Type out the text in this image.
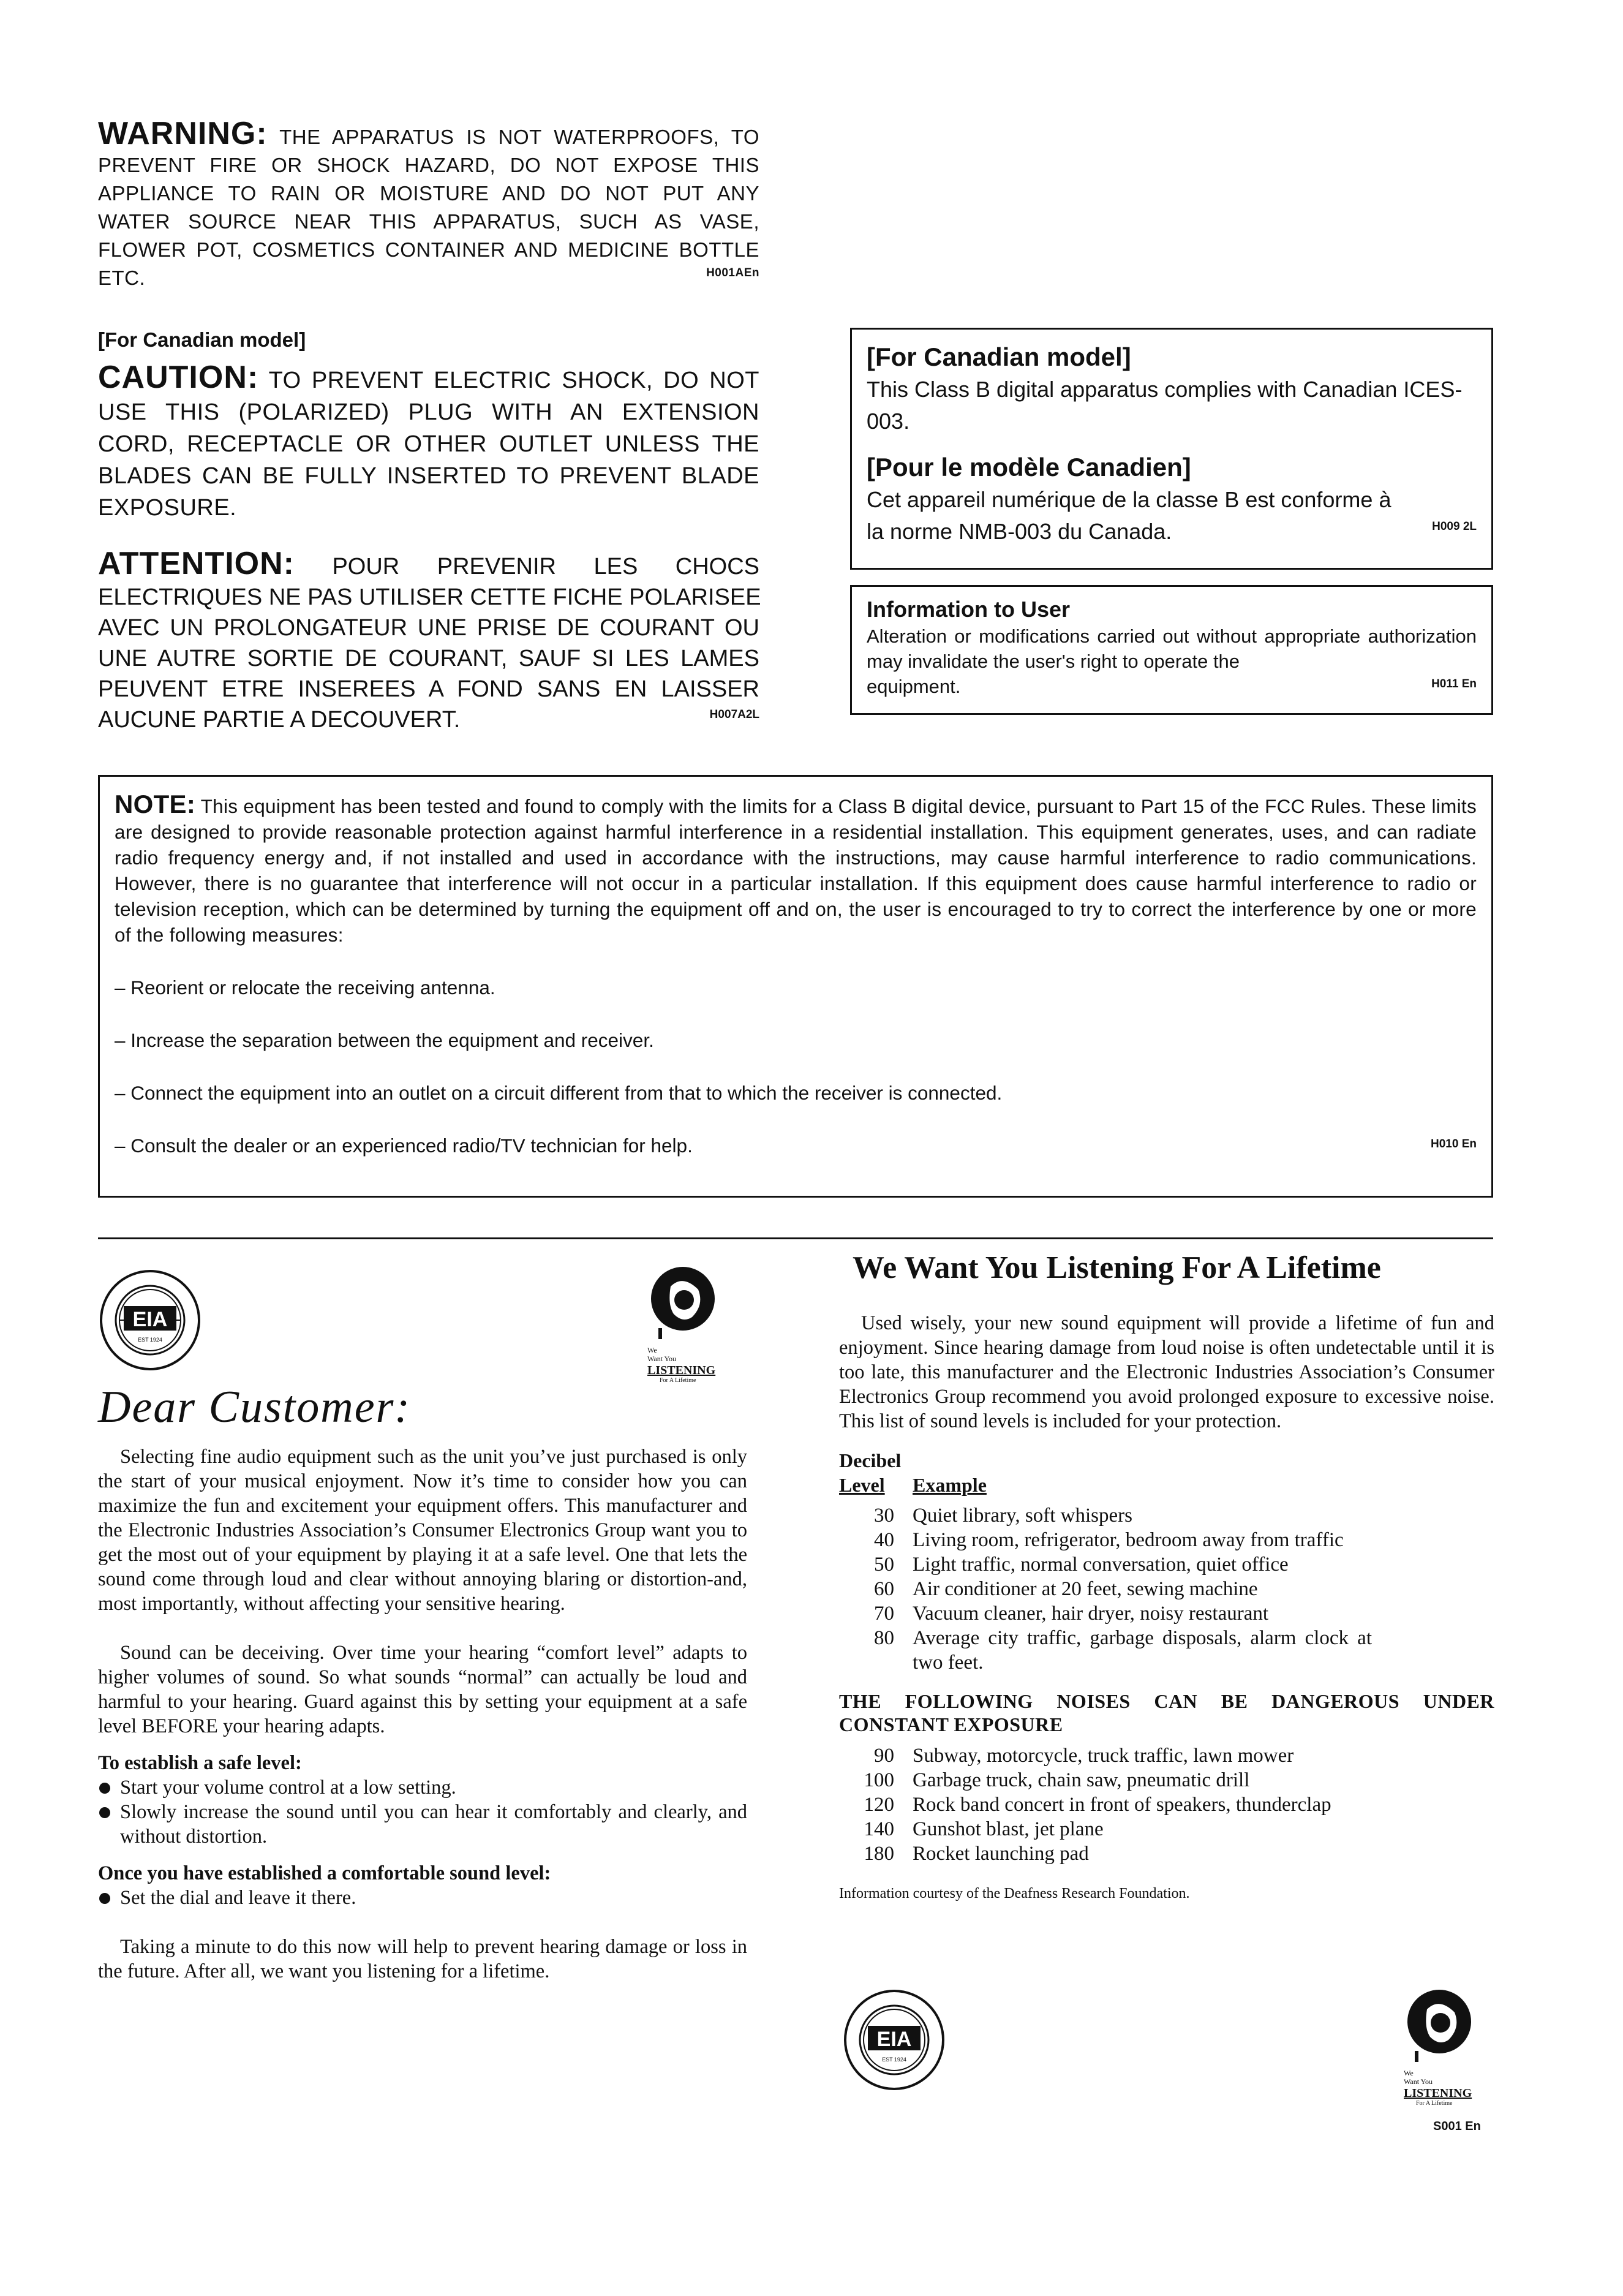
WARNING: THE APPARATUS IS NOT WATERPROOFS, TO
PREVENT FIRE OR SHOCK HAZARD, DO NOT EXPOSE THIS
APPLIANCE TO RAIN OR MOISTURE AND DO NOT PUT ANY
WATER SOURCE NEAR THIS APPARATUS, SUCH AS VASE,
FLOWER POT, COSMETICS CONTAINER AND MEDICINE BOTTLE
ETC.	H001AEn
[For Canadian model]
CAUTION: TO PREVENT ELECTRIC SHOCK, DO NOT
USE THIS (POLARIZED) PLUG WITH AN EXTENSION
CORD, RECEPTACLE OR OTHER OUTLET UNLESS THE
BLADES CAN BE FULLY INSERTED TO PREVENT BLADE
EXPOSURE.
ATTENTION: POUR PREVENIR LES CHOCS
ELECTRIQUES NE PAS UTILISER CETTE FICHE POLARISEE
AVEC UN PROLONGATEUR UNE PRISE DE COURANT OU
UNE AUTRE SORTIE DE COURANT, SAUF SI LES LAMES
PEUVENT ETRE INSEREES A FOND SANS EN LAISSER
AUCUNE PARTIE A DECOUVERT.	H007A2L
[For Canadian model]
This Class B digital apparatus complies with Canadian ICES-003.
[Pour le modèle Canadien]
Cet appareil numérique de la classe B est conforme à
la norme NMB-003 du Canada.	H009 2L
Information to User
Alteration or modifications carried out without appropriate authorization may invalidate the user's right to operate the
equipment.	H011 En
NOTE: This equipment has been tested and found to comply with the limits for a Class B digital device, pursuant to Part 15 of the FCC Rules. These limits are designed to provide reasonable protection against harmful interference in a residential installation. This equipment generates, uses, and can radiate radio frequency energy and, if not installed and used in accordance with the instructions, may cause harmful interference to radio communications. However, there is no guarantee that interference will not occur in a particular installation. If this equipment does cause harmful interference to radio or television reception, which can be determined by turning the equipment off and on, the user is encouraged to try to correct the interference by one or more of the following measures:
– Reorient or relocate the receiving antenna.
– Increase the separation between the equipment and receiver.
– Connect the equipment into an outlet on a circuit different from that to which the receiver is connected.
– Consult the dealer or an experienced radio/TV technician for help.	H010 En
EIA
EST 1924
We
Want You
LISTENING
For A Lifetime
Dear Customer:

Selecting fine audio equipment such as the unit you’ve just purchased is only the start of your musical enjoyment. Now it’s time to consider how you can maximize the fun and excitement your equipment offers. This manufacturer and the Electronic Industries Association’s Consumer Electronics Group want you to get the most out of your equipment by playing it at a safe level. One that lets the sound come through loud and clear without annoying blaring or distortion-and, most importantly, without affecting your sensitive hearing.

Sound can be deceiving. Over time your hearing “comfort level” adapts to higher volumes of sound. So what sounds “normal” can actually be loud and harmful to your hearing. Guard against this by setting your equipment at a safe level BEFORE your hearing adapts.

To establish a safe level:
Start your volume control at a low setting.
Slowly increase the sound until you can hear it comfortably and clearly, and without distortion.
Once you have established a comfortable sound level:
Set the dial and leave it there.

Taking a minute to do this now will help to prevent hearing damage or loss in the future. After all, we want you listening for a lifetime.

We Want You Listening For A Lifetime

Used wisely, your new sound equipment will provide a lifetime of fun and enjoyment. Since hearing damage from loud noise is often undetectable until it is too late, this manufacturer and the Electronic Industries Association’s Consumer Electronics Group recommend you avoid prolonged exposure to excessive noise. This list of sound levels is included for your protection.

Decibel
Level	Example
30 Quiet library, soft whispers
40 Living room, refrigerator, bedroom away from traffic
50 Light traffic, normal conversation, quiet office
60 Air conditioner at 20 feet, sewing machine
70 Vacuum cleaner, hair dryer, noisy restaurant
80 Average city traffic, garbage disposals, alarm clock at two feet.
THE FOLLOWING NOISES CAN BE DANGEROUS UNDER CONSTANT EXPOSURE
90 Subway, motorcycle, truck traffic, lawn mower
100 Garbage truck, chain saw, pneumatic drill
120 Rock band concert in front of speakers, thunderclap
140 Gunshot blast, jet plane
180 Rocket launching pad
Information courtesy of the Deafness Research Foundation.
EIA
EST 1924
We
Want You
LISTENING
For A Lifetime
S001 En
